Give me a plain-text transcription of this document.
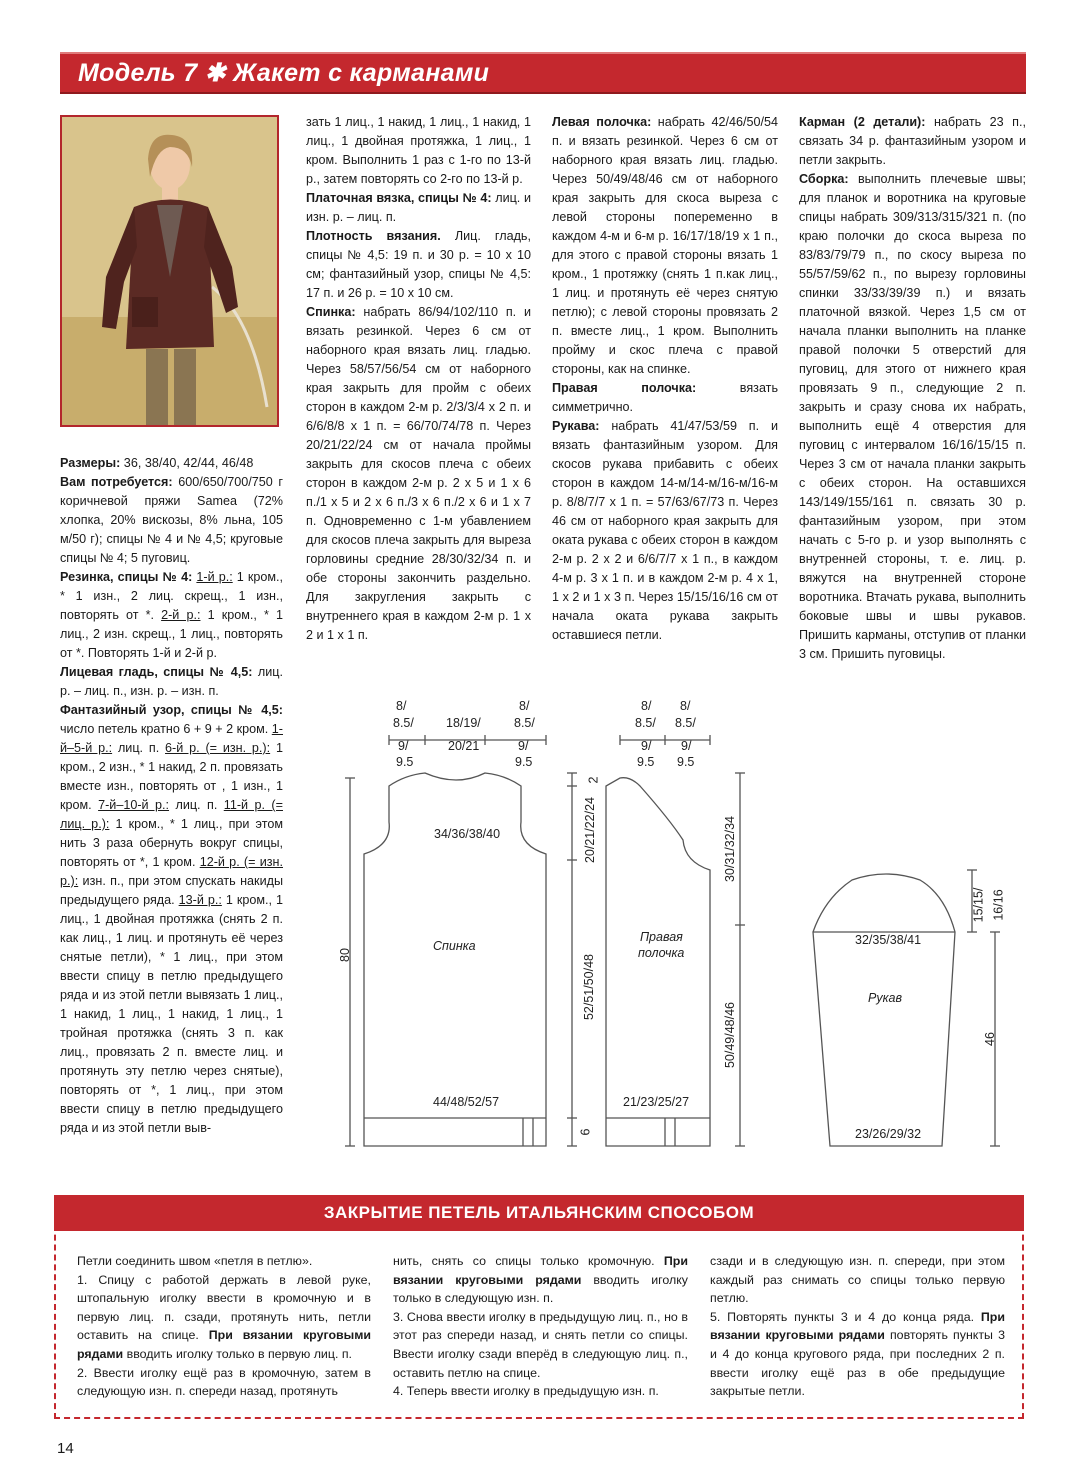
Модель 7 ✱ Жакет с карманами

Размеры: 36, 38/40, 42/44, 46/48

Вам потребуется: 600/650/700/750 г коричневой пряжи Samea (72% хлопка, 20% вискозы, 8% льна, 105 м/50 г); спицы № 4 и № 4,5; круговые спицы № 4; 5 пуговиц.

Резинка, спицы № 4: 1-й р.: 1 кром., * 1 изн., 2 лиц. скрещ., 1 изн., повторять от *. 2-й р.: 1 кром., * 1 лиц., 2 изн. скрещ., 1 лиц., повторять от *. Повторять 1-й и 2-й р.

Лицевая гладь, спицы № 4,5: лиц. р. – лиц. п., изн. р. – изн. п.

Фантазийный узор, спицы № 4,5: число петель кратно 6 + 9 + 2 кром. 1-й–5-й р.: лиц. п. 6-й р. (= изн. р.): 1 кром., 2 изн., * 1 накид, 2 п. провязать вместе изн., повторять от , 1 изн., 1 кром. 7-й–10-й р.: лиц. п. 11-й р. (= лиц. р.): 1 кром., * 1 лиц., при этом нить 3 раза обернуть вокруг спицы, повторять от *, 1 кром. 12-й р. (= изн. р.): изн. п., при этом спускать накиды предыдущего ряда. 13-й р.: 1 кром., 1 лиц., 1 двойная протяжка (снять 2 п. как лиц., 1 лиц. и протянуть её через снятые петли), * 1 лиц., при этом ввести спицу в петлю предыдущего ряда и из этой петли вывязать 1 лиц., 1 накид, 1 лиц., 1 накид, 1 лиц., 1 тройная протяжка (снять 3 п. как лиц., провязать 2 п. вместе лиц. и протянуть эту петлю через снятые), повторять от *, 1 лиц., при этом ввести спицу в петлю предыдущего ряда и из этой петли выв-

зать 1 лиц., 1 накид, 1 лиц., 1 накид, 1 лиц., 1 двойная протяжка, 1 лиц., 1 кром. Выполнить 1 раз с 1-го по 13-й р., затем повторять со 2-го по 13-й р.

Платочная вязка, спицы № 4: лиц. и изн. р. – лиц. п.

Плотность вязания. Лиц. гладь, спицы № 4,5: 19 п. и 30 р. = 10 x 10 см; фантазийный узор, спицы № 4,5: 17 п. и 26 р. = 10 x 10 см.

Спинка: набрать 86/94/102/110 п. и вязать резинкой. Через 6 см от наборного края вязать лиц. гладью. Через 58/57/56/54 см от наборного края закрыть для пройм с обеих сторон в каждом 2-м р. 2/3/3/4 x 2 п. и 6/6/8/8 x 1 п. = 66/70/74/78 п. Через 20/21/22/24 см от начала проймы закрыть для скосов плеча с обеих сторон в каждом 2-м р. 2 x 5 и 1 x 6 п./1 x 5 и 2 x 6 п./3 x 6 п./2 x 6 и 1 x 7 п. Одновременно с 1-м убавлением для скосов плеча закрыть для выреза горловины средние 28/30/32/34 п. и обе стороны закончить раздельно. Для закругления закрыть с внутреннего края в каждом 2-м р. 1 x 2 и 1 x 1 п.

Левая полочка: набрать 42/46/50/54 п. и вязать резинкой. Через 6 см от наборного края вязать лиц. гладью. Через 50/49/48/46 см от наборного края закрыть для скоса выреза с левой стороны попеременно в каждом 4-м и 6-м р. 16/17/18/19 x 1 п., для этого с правой стороны вязать 1 кром., 1 протяжку (снять 1 п.как лиц., 1 лиц. и протянуть её через снятую петлю); с левой стороны провязать 2 п. вместе лиц., 1 кром. Выполнить пройму и скос плеча с правой стороны, как на спинке.

Правая полочка: вязать симметрично.

Рукава: набрать 41/47/53/59 п. и вязать фантазийным узором. Для скосов рукава прибавить с обеих сторон в каждом 14-м/14-м/16-м/16-м р. 8/8/7/7 x 1 п. = 57/63/67/73 п. Через 46 см от наборного края закрыть для оката рукава с обеих сторон в каждом 2-м р. 2 x 2 и 6/6/7/7 x 1 п., в каждом 4-м р. 3 x 1 п. и в каждом 2-м р. 4 x 1, 1 x 2 и 1 x 3 п. Через 15/15/16/16 см от начала оката рукава закрыть оставшиеся петли.

Карман (2 детали): набрать 23 п., связать 34 р. фантазийным узором и петли закрыть.

Сборка: выполнить плечевые швы; для планок и воротника на круговые спицы набрать 309/313/315/321 п. (по краю полочки до скоса выреза по 83/83/79/79 п., по скосу выреза по 55/57/59/62 п., по вырезу горловины спинки 33/33/39/39 п.) и вязать платочной вязкой. Через 1,5 см от начала планки выполнить на планке правой полочки 5 отверстий для пуговиц, для этого от нижнего края провязать 9 п., следующие 2 п. закрыть и сразу снова их набрать, выполнить ещё 4 отверстия для пуговиц с интервалом 16/16/15/15 п. Через 3 см от начала планки закрыть с обеих сторон. На оставшихся 143/149/155/161 п. связать 30 р. фантазийным узором, при этом начать с 5-го р. и узор выполнять с внутренней стороны, т. е. лиц. р. вяжутся на внутренней стороне воротника. Втачать рукава, выполнить боковые швы и швы рукавов. Пришить карманы, отступив от планки 3 см. Пришить пуговицы.

8/
8.5/	18/19/
20/21
8/
8.5/
9/
9.5
9/
9.5
34/36/38/40
Спинка
80
44/48/52/57
20/21/22/24
2
52/51/50/48
6
8/
8.5/
8/
8.5/
9/
9.5
9/
9.5
Правая
полочка
30/31/32/34
50/49/48/46
21/23/25/27
32/35/38/41
Рукав
15/15/ 16/16
46
23/26/29/32
ЗАКРЫТИЕ ПЕТЕЛЬ ИТАЛЬЯНСКИМ СПОСОБОМ

Петли соединить швом «петля в петлю».

1. Спицу с работой держать в левой руке, штопальную иголку ввести в кромочную и в первую лиц. п. сзади, протянуть нить, петли оставить на спице. При вязании круговыми рядами вводить иголку только в первую лиц. п.

2. Ввести иголку ещё раз в кромочную, затем в следующую изн. п. спереди назад, протянуть

нить, снять со спицы только кромочную. При вязании круговыми рядами вводить иголку только в следующую изн. п.

3. Снова ввести иголку в предыдущую лиц. п., но в этот раз спереди назад, и снять петли со спицы. Ввести иголку сзади вперёд в следующую лиц. п., оставить петлю на спице.

4. Теперь ввести иголку в предыдущую изн. п.

сзади и в следующую изн. п. спереди, при этом каждый раз снимать со спицы только первую петлю.

5. Повторять пункты 3 и 4 до конца ряда. При вязании круговыми рядами повторять пункты 3 и 4 до конца кругового ряда, при последних 2 п. ввести иголку ещё раз в обе предыдущие закрытые петли.

14
